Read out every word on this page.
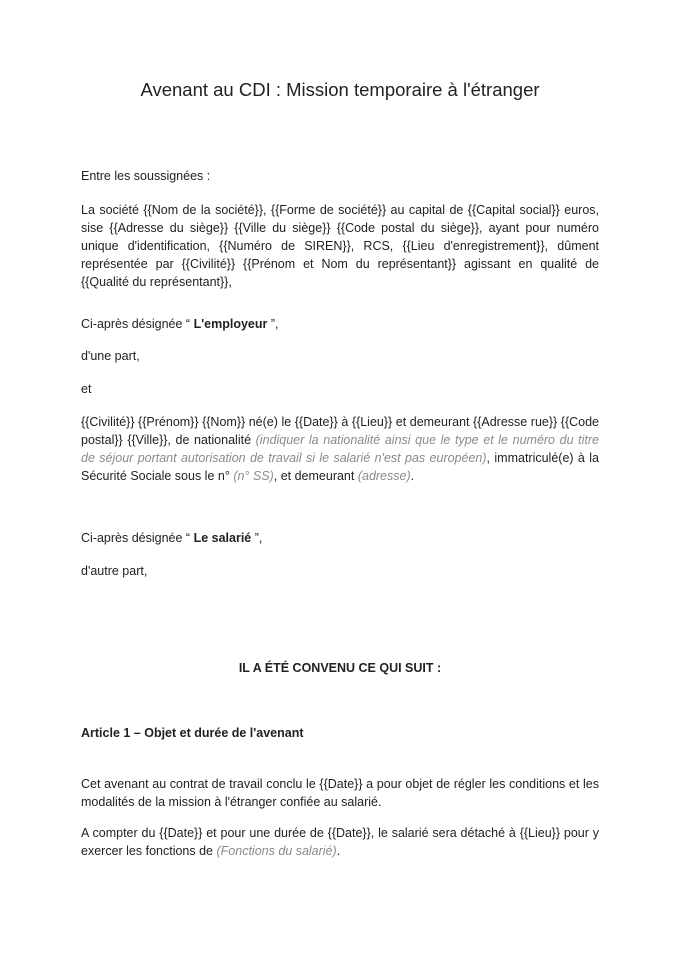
Avenant au CDI : Mission temporaire à l'étranger
Entre les soussignées :
La société {{Nom de la société}}, {{Forme de société}} au capital de {{Capital social}} euros, sise {{Adresse du siège}} {{Ville du siège}} {{Code postal du siège}}, ayant pour numéro unique d'identification, {{Numéro de SIREN}}, RCS, {{Lieu d'enregistrement}}, dûment représentée par {{Civilité}} {{Prénom et Nom du représentant}} agissant en qualité de {{Qualité du représentant}},
Ci-après désignée “ L'employeur ”,
d'une part,
et
{{Civilité}} {{Prénom}} {{Nom}} né(e) le {{Date}} à {{Lieu}} et demeurant {{Adresse rue}} {{Code postal}} {{Ville}}, de nationalité (indiquer la nationalité ainsi que le type et le numéro du titre de séjour portant autorisation de travail si le salarié n'est pas européen), immatriculé(e) à la Sécurité Sociale sous le n° (n° SS), et demeurant (adresse).
Ci-après désignée “ Le salarié ”,
d'autre part,
IL A ÉTÉ CONVENU CE QUI SUIT :
Article 1 – Objet et durée de l'avenant
Cet avenant au contrat de travail conclu le {{Date}} a pour objet de régler les conditions et les modalités de la mission à l'étranger confiée au salarié.
A compter du {{Date}} et pour une durée de {{Date}}, le salarié sera détaché à {{Lieu}} pour y exercer les fonctions de (Fonctions du salarié).
